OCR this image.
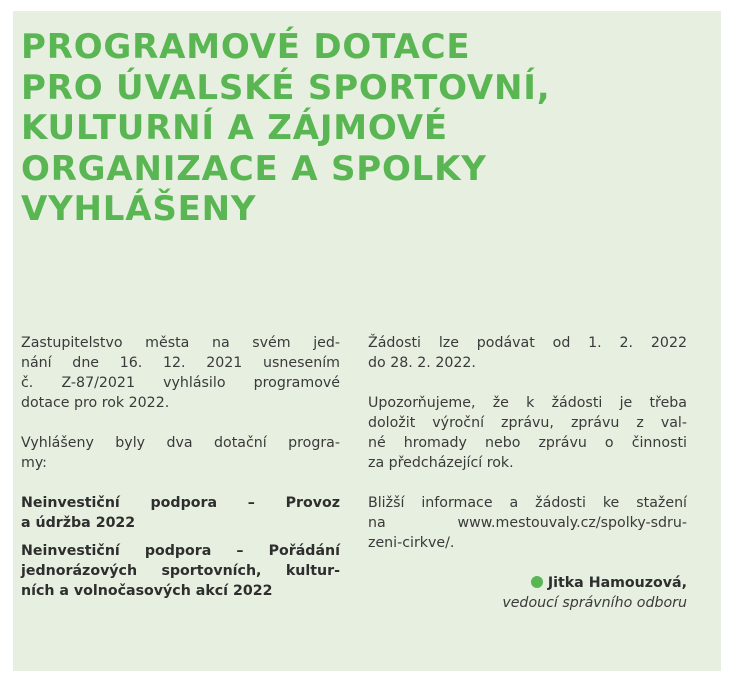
PROGRAMOVÉ DOTACE
PRO ÚVALSKÉ SPORTOVNÍ,
KULTURNÍ A ZÁJMOVÉ
ORGANIZACE A SPOLKY
VYHLÁŠENY

Zastupitelstvo města na svém jed-
nání dne 16. 12. 2021 usnesením
č. Z-87/2021 vyhlásilo programové
dotace pro rok 2022.

Vyhlášeny byly dva dotační progra-
my:

Neinvestiční podpora – Provoz
a údržba 2022

Neinvestiční podpora – Pořádání
jednorázových sportovních, kultur-
ních a volnočasových akcí 2022

Žádosti lze podávat od 1. 2. 2022
do 28. 2. 2022.

Upozorňujeme, že k žádosti je třeba
doložit výroční zprávu, zprávu z val-
né hromady nebo zprávu o činnosti
za předcházející rok.

Bližší informace a žádosti ke stažení
na www.mestouvaly.cz/spolky-sdru-
zeni-cirkve/.

Jitka Hamouzová,
vedoucí správního odboru
